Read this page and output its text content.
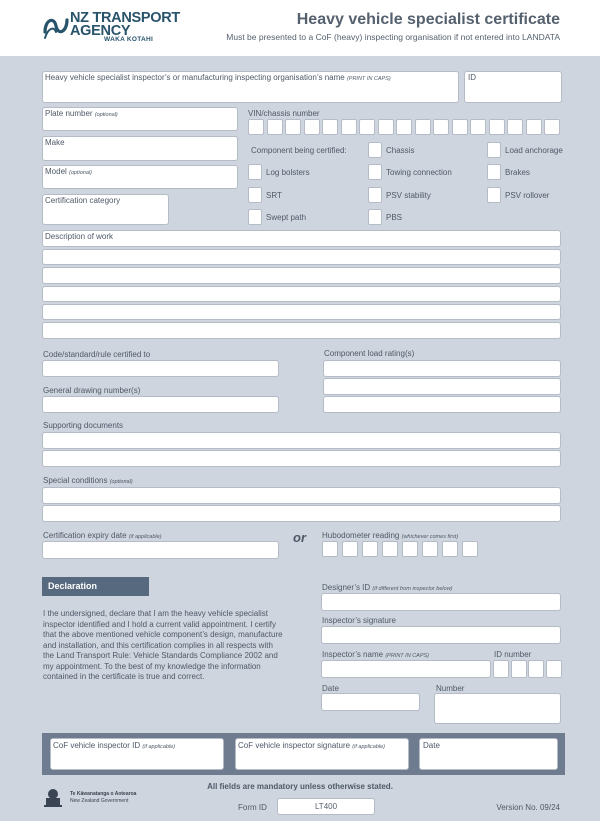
NZ TRANSPORT
AGENCY
WAKA KOTAHI
Heavy vehicle specialist certificate
Must be presented to a CoF (heavy) inspecting organisation if not entered into LANDATA
Heavy vehicle specialist inspector’s or manufacturing inspecting organisation’s name (PRINT IN CAPS)	ID
Plate number (optional)	VIN/chassis number
Make
Model (optional)
Certification category
Component being certified:	Chassis	Load anchorage
Log bolsters	Towing connection	Brakes
SRT	PSV stability	PSV rollover
Swept path	PBS
Description of work
Code/standard/rule certified to	Component load rating(s)
General drawing number(s)
Supporting documents
Special conditions (optional)
Certification expiry date (if applicable)	or Hubodometer reading (whichever comes first)
Declaration
I the undersigned, declare that I am the heavy vehicle specialist inspector identified and I hold a current valid appointment. I certify that the above mentioned vehicle component’s design, manufacture and installation, and this certification complies in all respects with the Land Transport Rule: Vehicle Standards Compliance 2002 and my appointment. To the best of my knowledge the information contained in the certificate is true and correct.
Designer’s ID (if different from inspector below)
Inspector’s signature
Inspector’s name (PRINT IN CAPS)	ID number
Date	Number
CoF vehicle inspector ID (if applicable)	CoF vehicle inspector signature (if applicable)	Date
All fields are mandatory unless otherwise stated.
Te Kāwanatanga o Aotearoa
New Zealand Government
Form ID	LT400	Version No. 09/24
